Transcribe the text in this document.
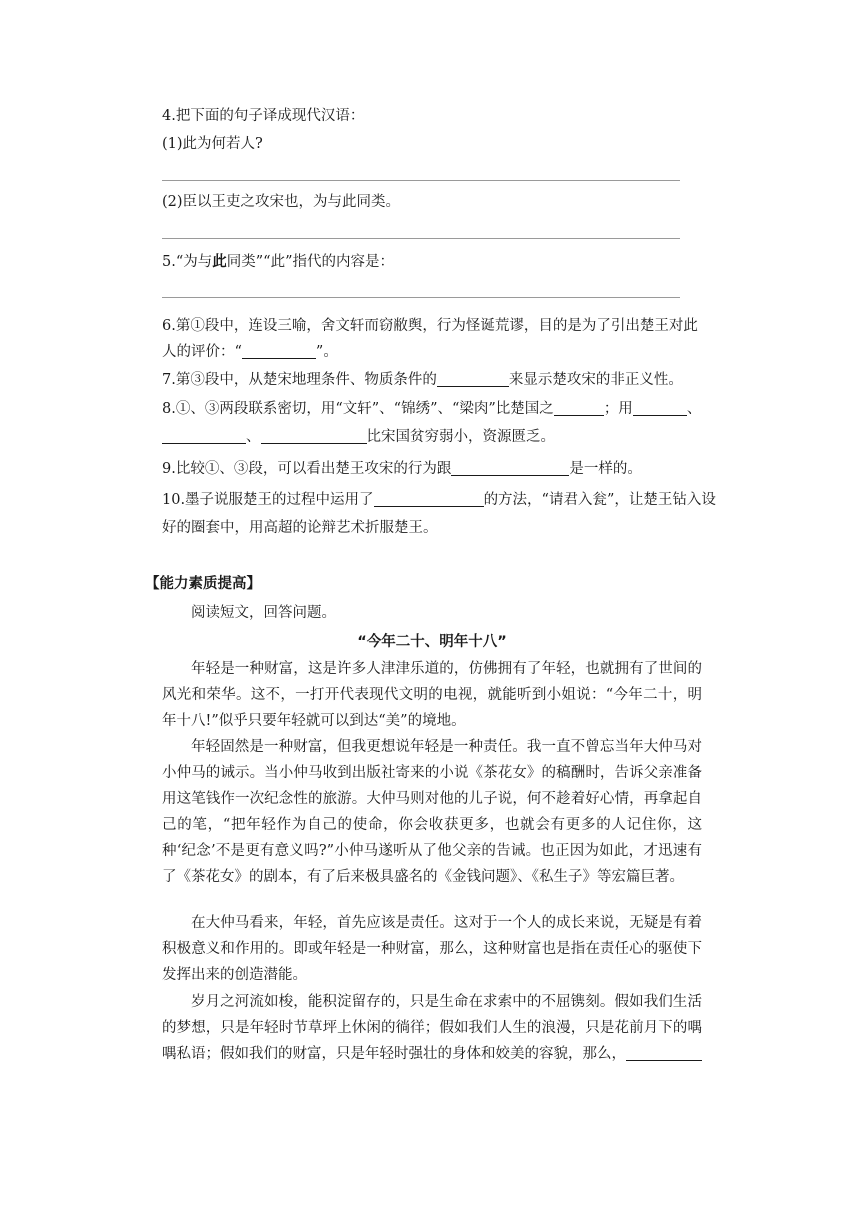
4.把下面的句子译成现代汉语：
(1)此为何若人?
(2)臣以王吏之攻宋也，为与此同类。
5.“为与此同类”“此”指代的内容是：
6.第①段中，连设三喻，舍文轩而窃敝舆，行为怪诞荒谬，目的是为了引出楚王对此
人的评价：“	”。
7.第③段中，从楚宋地理条件、物质条件的	来显示楚攻宋的非正义性。
8.①、③两段联系密切，用“文轩”、“锦绣”、“梁肉”比楚国之	；用	、
、	比宋国贫穷弱小，资源匮乏。
9.比较①、③段，可以看出楚王攻宋的行为跟	是一样的。
10.墨子说服楚王的过程中运用了	的方法，“请君入瓮”，让楚王钻入设
好的圈套中，用高超的论辩艺术折服楚王。
【能力素质提高】
阅读短文，回答问题。
“今年二十、明年十八”
年轻是一种财富，这是许多人津津乐道的，仿佛拥有了年轻，也就拥有了世间的风光和荣华。这不，一打开代表现代文明的电视，就能听到小姐说：“今年二十，明年十八!”似乎只要年轻就可以到达“美”的境地。
年轻固然是一种财富，但我更想说年轻是一种责任。我一直不曾忘当年大仲马对小仲马的诫示。当小仲马收到出版社寄来的小说《茶花女》的稿酬时，告诉父亲准备用这笔钱作一次纪念性的旅游。大仲马则对他的儿子说，何不趁着好心情，再拿起自己的笔，“把年轻作为自己的使命，你会收获更多，也就会有更多的人记住你，这种‘纪念’不是更有意义吗?”小仲马遂听从了他父亲的告诫。也正因为如此，才迅速有了《茶花女》的剧本，有了后来极具盛名的《金钱问题》、《私生子》等宏篇巨著。
在大仲马看来，年轻，首先应该是责任。这对于一个人的成长来说，无疑是有着积极意义和作用的。即或年轻是一种财富，那么，这种财富也是指在责任心的驱使下发挥出来的创造潜能。
岁月之河流如梭，能积淀留存的，只是生命在求索中的不屈镌刻。假如我们生活的梦想，只是年轻时节草坪上休闲的徜徉；假如我们人生的浪漫，只是花前月下的喁喁私语；假如我们的财富，只是年轻时强壮的身体和姣美的容貌，那么，
